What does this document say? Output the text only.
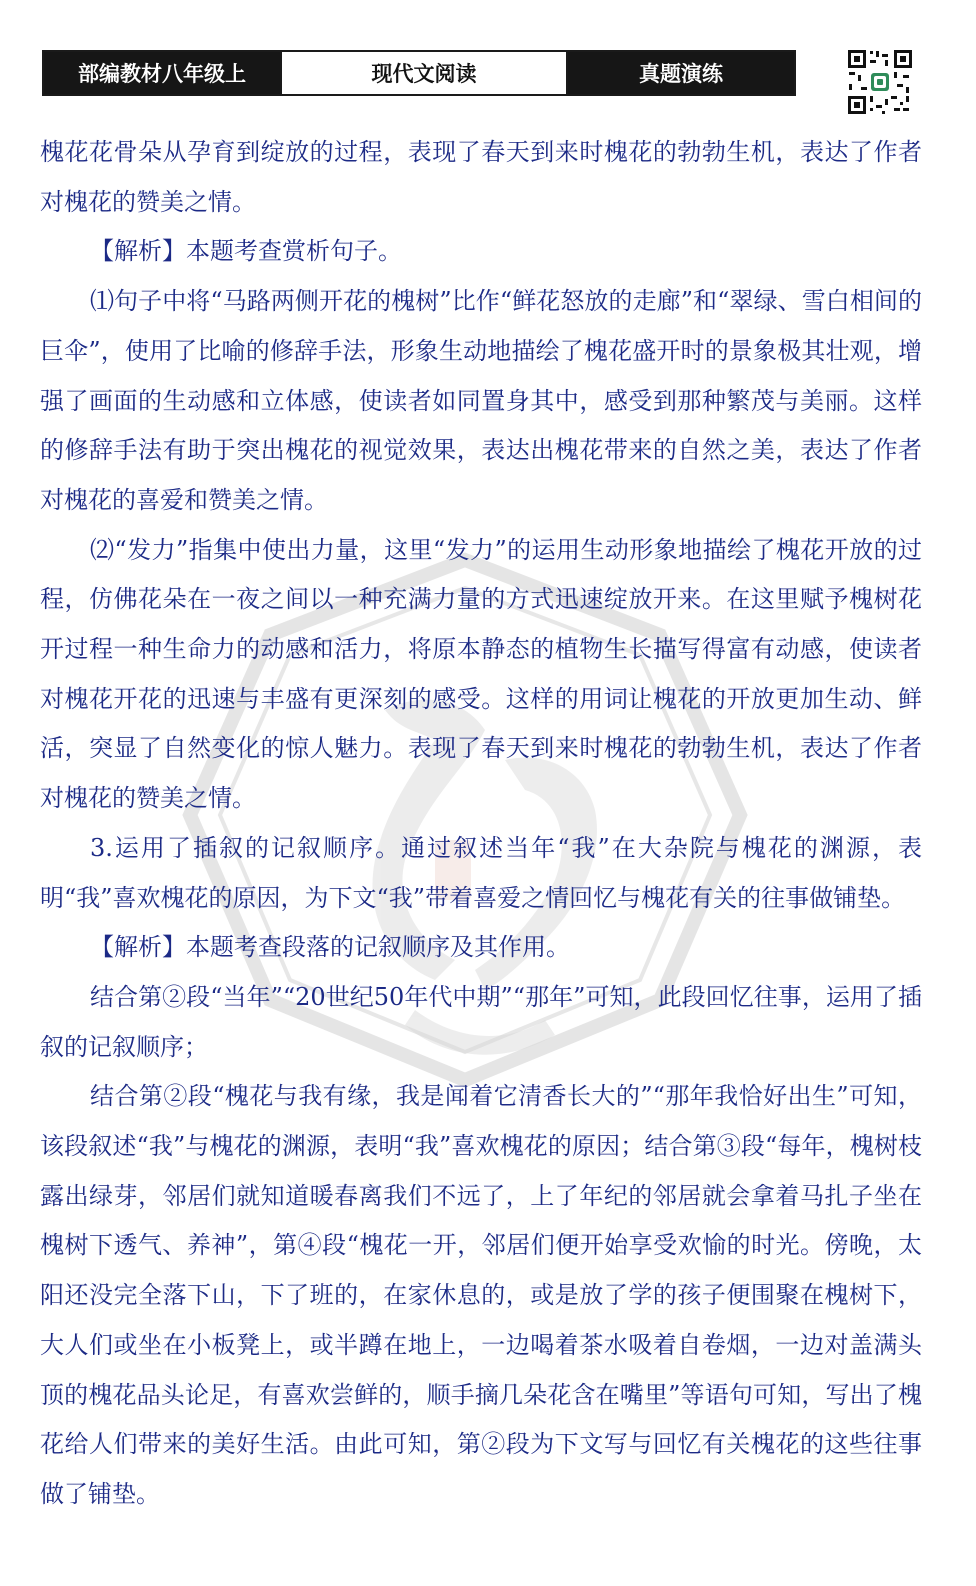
部编教材八年级上	现代文阅读	真题演练

槐花花骨朵从孕育到绽放的过程，表现了春天到来时槐花的勃勃生机，表达了作者对槐花的赞美之情。

【解析】本题考查赏析句子。

⑴句子中将“马路两侧开花的槐树”比作“鲜花怒放的走廊”和“翠绿、雪白相间的巨伞”，使用了比喻的修辞手法，形象生动地描绘了槐花盛开时的景象极其壮观，增强了画面的生动感和立体感，使读者如同置身其中，感受到那种繁茂与美丽。这样的修辞手法有助于突出槐花的视觉效果，表达出槐花带来的自然之美，表达了作者对槐花的喜爱和赞美之情。

⑵“发力”指集中使出力量，这里“发力”的运用生动形象地描绘了槐花开放的过程，仿佛花朵在一夜之间以一种充满力量的方式迅速绽放开来。在这里赋予槐树花开过程一种生命力的动感和活力，将原本静态的植物生长描写得富有动感，使读者对槐花开花的迅速与丰盛有更深刻的感受。这样的用词让槐花的开放更加生动、鲜活，突显了自然变化的惊人魅力。表现了春天到来时槐花的勃勃生机，表达了作者对槐花的赞美之情。

3.运用了插叙的记叙顺序。通过叙述当年“我”在大杂院与槐花的渊源，表明“我”喜欢槐花的原因，为下文“我”带着喜爱之情回忆与槐花有关的往事做铺垫。

【解析】本题考查段落的记叙顺序及其作用。

结合第②段“当年”“20世纪50年代中期”“那年”可知，此段回忆往事，运用了插叙的记叙顺序；

结合第②段“槐花与我有缘，我是闻着它清香长大的”“那年我恰好出生”可知，该段叙述“我”与槐花的渊源，表明“我”喜欢槐花的原因；结合第③段“每年，槐树枝露出绿芽，邻居们就知道暖春离我们不远了，上了年纪的邻居就会拿着马扎子坐在槐树下透气、养神”，第④段“槐花一开，邻居们便开始享受欢愉的时光。傍晚，太阳还没完全落下山，下了班的，在家休息的，或是放了学的孩子便围聚在槐树下，大人们或坐在小板凳上，或半蹲在地上，一边喝着茶水吸着自卷烟，一边对盖满头顶的槐花品头论足，有喜欢尝鲜的，顺手摘几朵花含在嘴里”等语句可知，写出了槐花给人们带来的美好生活。由此可知，第②段为下文写与回忆有关槐花的这些往事做了铺垫。
